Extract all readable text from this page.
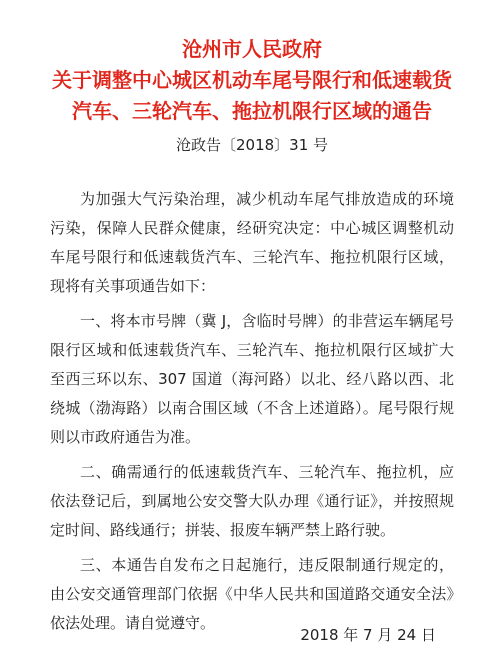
沧州市人民政府
关于调整中心城区机动车尾号限行和低速载货
汽车、三轮汽车、拖拉机限行区域的通告
沧政告〔2018〕31 号

为加强大气污染治理，减少机动车尾气排放造成的环境污染，保障人民群众健康，经研究决定：中心城区调整机动车尾号限行和低速载货汽车、三轮汽车、拖拉机限行区域，现将有关事项通告如下：

一、将本市号牌（冀 J，含临时号牌）的非营运车辆尾号限行区域和低速载货汽车、三轮汽车、拖拉机限行区域扩大至西三环以东、307 国道（海河路）以北、经八路以西、北绕城（渤海路）以南合围区域（不含上述道路）。尾号限行规则以市政府通告为准。

二、确需通行的低速载货汽车、三轮汽车、拖拉机，应依法登记后，到属地公安交警大队办理《通行证》，并按照规定时间、路线通行；拼装、报废车辆严禁上路行驶。

三、本通告自发布之日起施行，违反限制通行规定的，由公安交通管理部门依据《中华人民共和国道路交通安全法》依法处理。请自觉遵守。

2018 年 7 月 24 日
